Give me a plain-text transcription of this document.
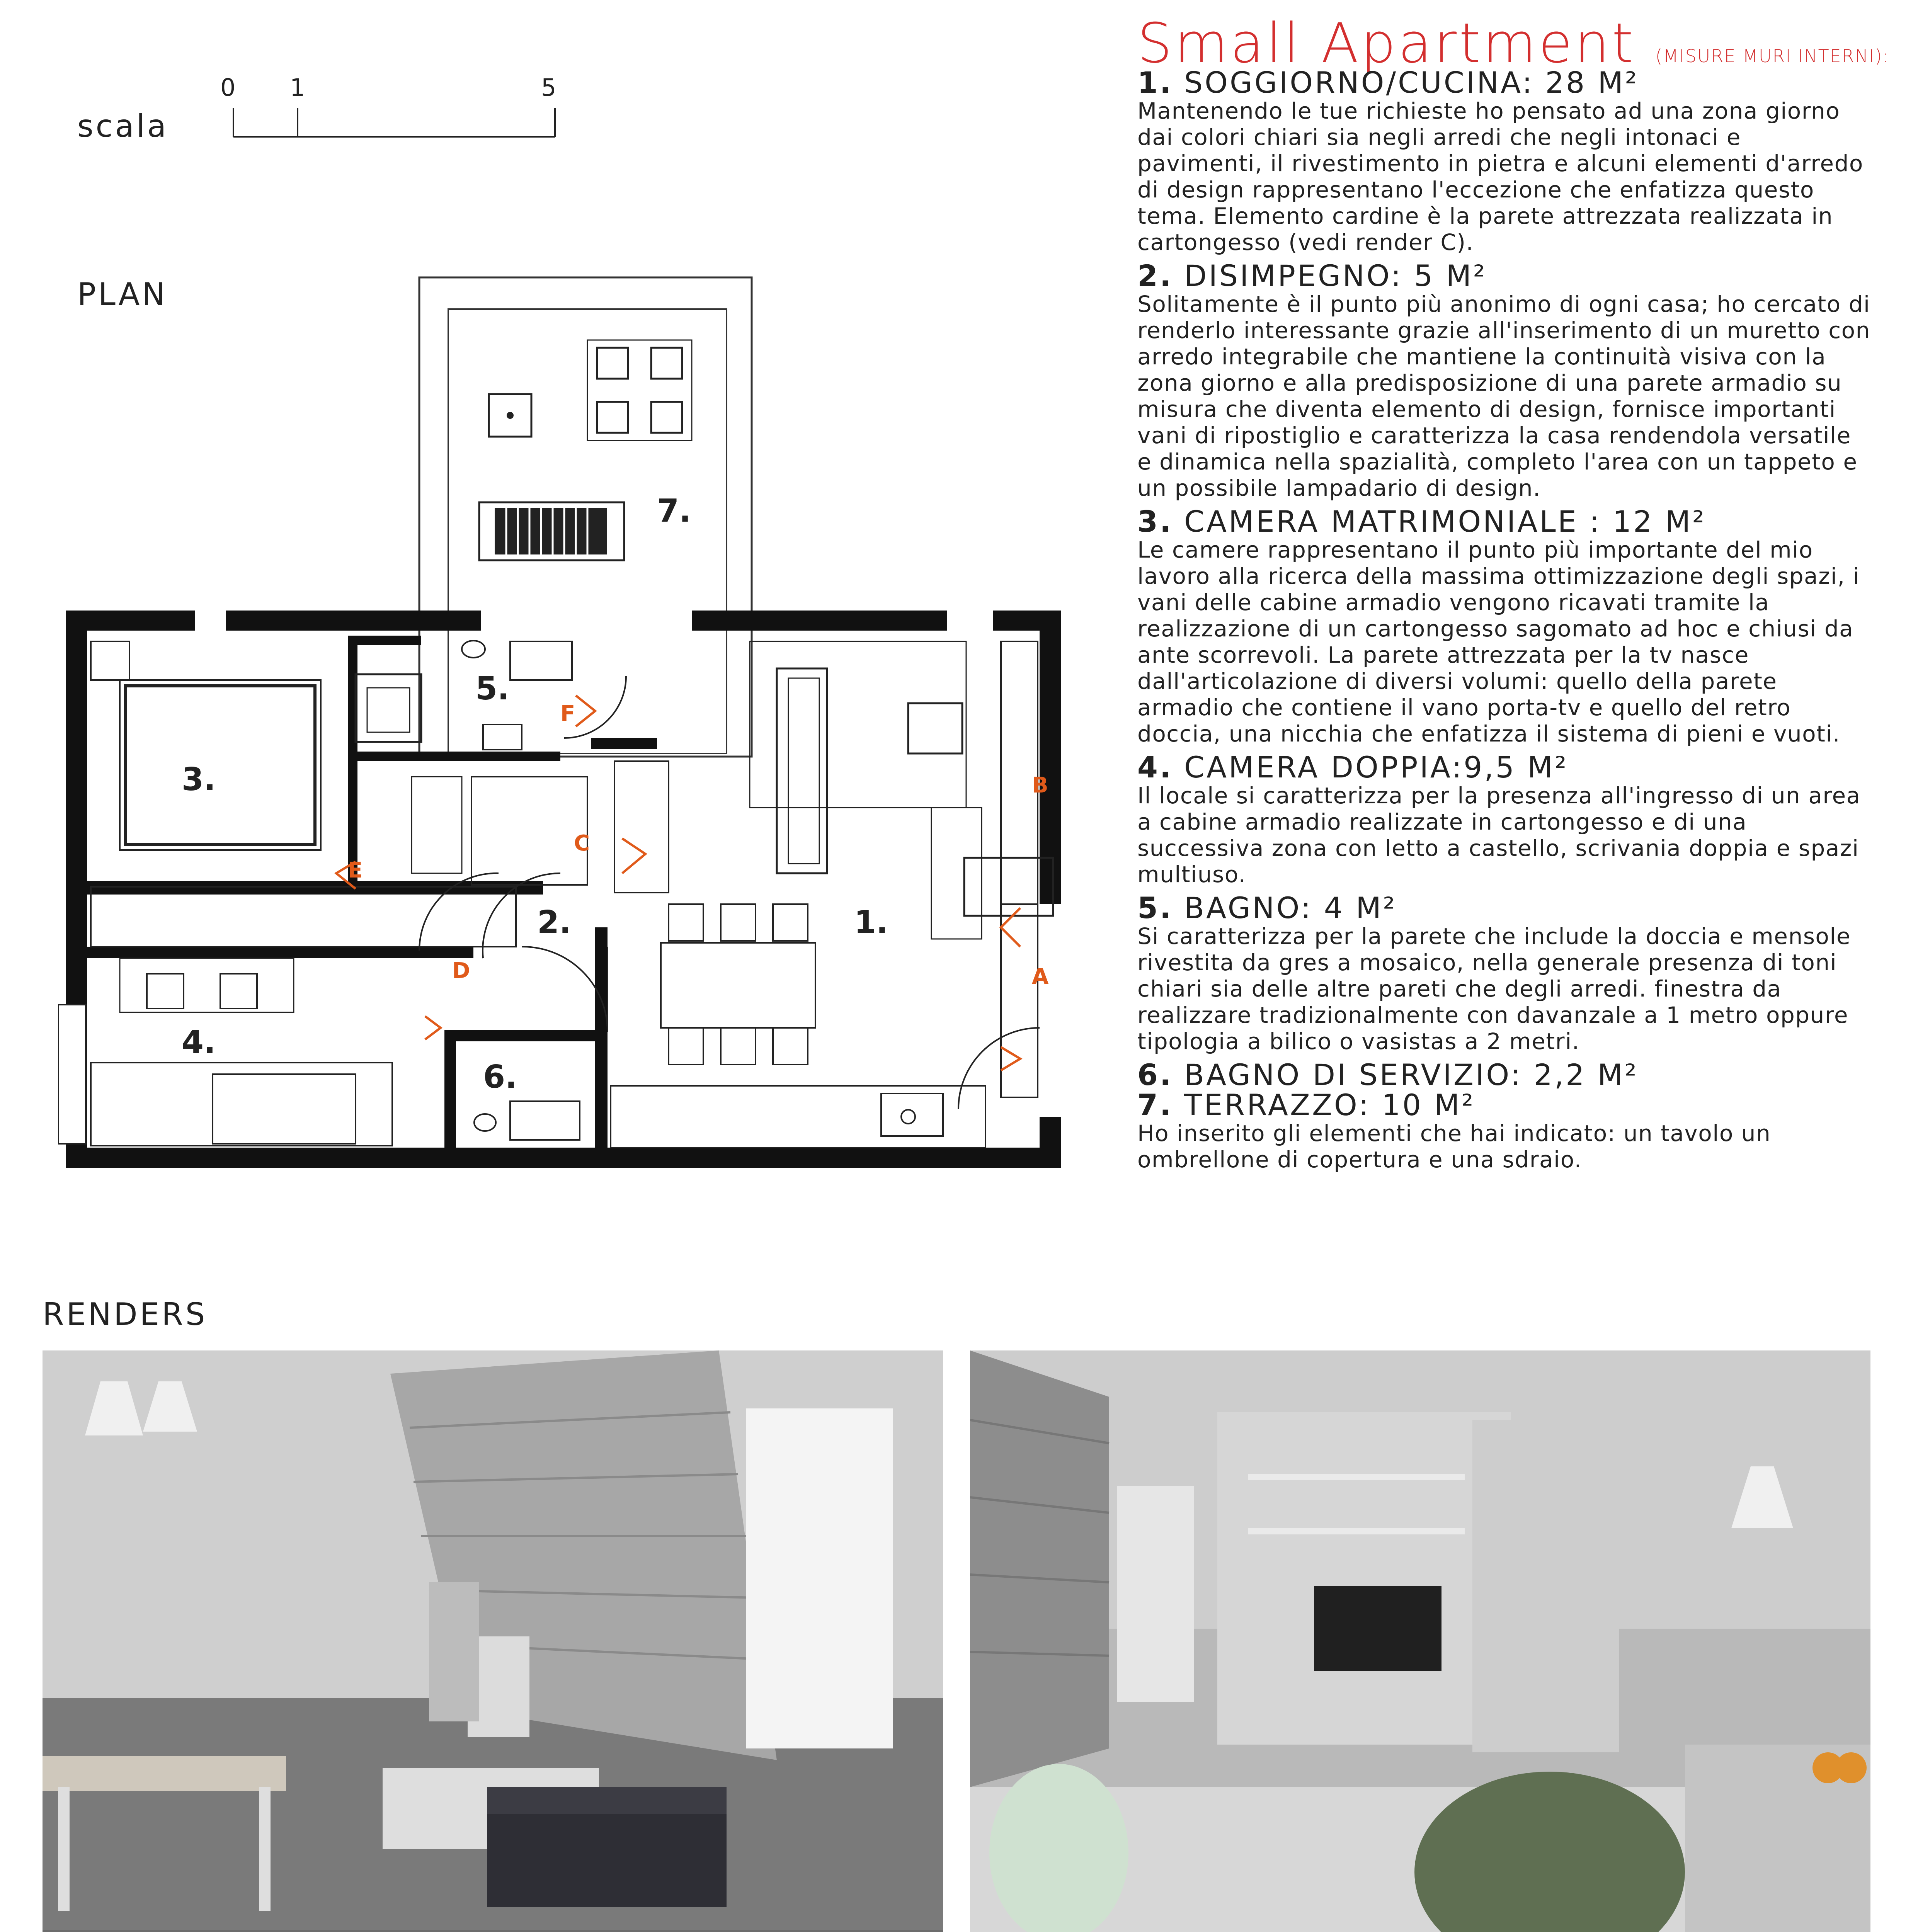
Small Apartment (MISURE MURI INTERNI):
scala
0 1	5
PLAN
1.
2.
3.
4.
5.
6.
7.
A
B
C
D
E
F

1. SOGGIORNO/CUCINA: 28 M²

Mantenendo le tue richieste ho pensato ad una zona giorno dai colori chiari sia negli arredi che negli intonaci e pavimenti, il rivestimento in pietra e alcuni elementi d'arredo di design rappresentano l'eccezione che enfatizza questo tema. Elemento cardine è la parete attrezzata realizzata in cartongesso (vedi render C).

2. DISIMPEGNO: 5 M²

Solitamente è il punto più anonimo di ogni casa; ho cercato di renderlo interessante grazie all'inserimento di un muretto con arredo integrabile che mantiene la continuità visiva con la zona giorno e alla predisposizione di una parete armadio su misura che diventa elemento di design, fornisce importanti vani di ripostiglio e caratterizza la casa rendendola versatile e dinamica nella spazialità, completo l'area con un tappeto e un possibile lampadario di design.

3. CAMERA MATRIMONIALE : 12 M²

Le camere rappresentano il punto più importante del mio lavoro alla ricerca della massima ottimizzazione degli spazi, i vani delle cabine armadio vengono ricavati tramite la realizzazione di un cartongesso sagomato ad hoc e chiusi da ante scorrevoli. La parete attrezzata per la tv nasce dall'articolazione di diversi volumi: quello della parete armadio che contiene il vano porta-tv e quello del retro doccia, una nicchia che enfatizza il sistema di pieni e vuoti.

4. CAMERA DOPPIA:9,5 M²

Il locale si caratterizza per la presenza all'ingresso di un area a cabine armadio realizzate in cartongesso e di una successiva zona con letto a castello, scrivania doppia e spazi multiuso.

5. BAGNO: 4 M²

Si caratterizza per la parete che include la doccia e mensole rivestita da gres a mosaico, nella generale presenza di toni chiari sia delle altre pareti che degli arredi. finestra da realizzare tradizionalmente con davanzale a 1 metro oppure tipologia a bilico o vasistas a 2 metri.

6. BAGNO DI SERVIZIO: 2,2 M²

7. TERRAZZO: 10 M²

Ho inserito gli elementi che hai indicato: un tavolo un ombrellone di copertura e una sdraio.

RENDERS
